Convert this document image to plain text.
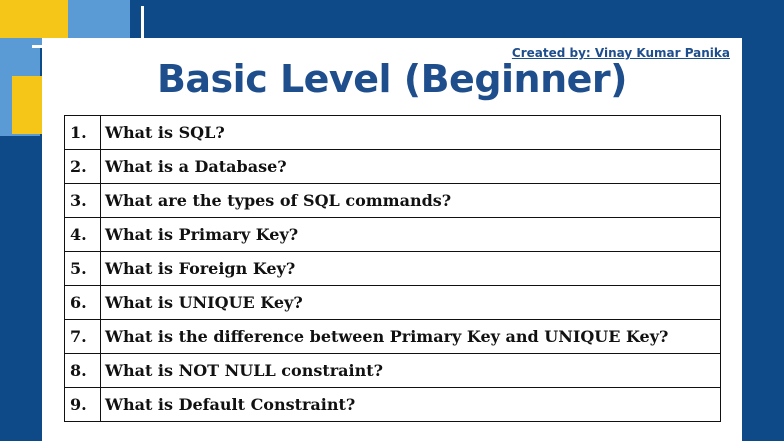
Created by: Vinay Kumar Panika
Basic Level (Beginner)
1.	What is SQL?
2.	What is a Database?
3.	What are the types of SQL commands?
4.	What is Primary Key?
5.	What is Foreign Key?
6.	What is UNIQUE Key?
7.	What is the difference between Primary Key and UNIQUE Key?
8.	What is NOT NULL constraint?
9.	What is Default Constraint?
